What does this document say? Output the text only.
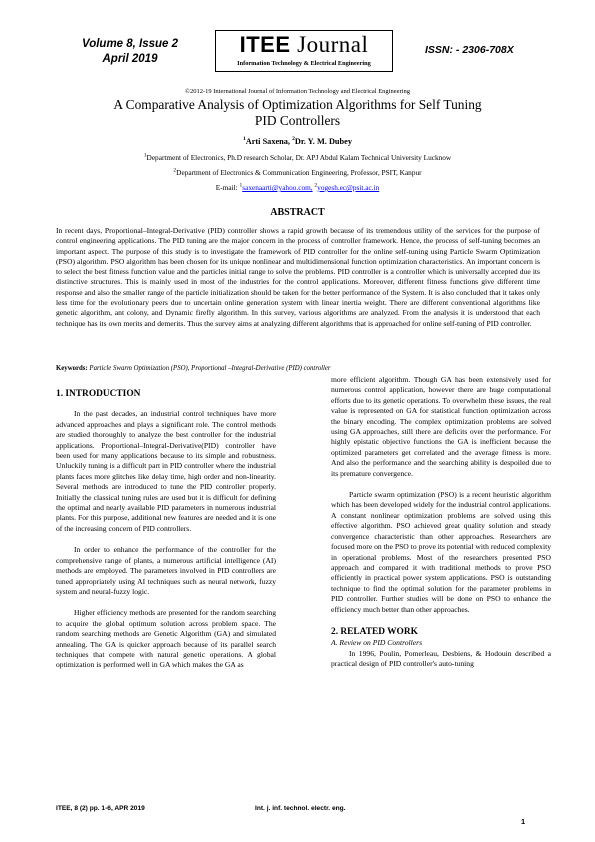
Volume 8, Issue 2
April 2019
ITEE Journal
Information Technology & Electrical Engineering
ISSN: - 2306-708X
©2012-19 International Journal of Information Technology and Electrical Engineering
A Comparative Analysis of Optimization Algorithms for Self Tuning
PID Controllers
$^1$Arti Saxena, $^2$Dr. Y. M. Dubey
$^1$Department of Electronics, Ph.D research Scholar, Dr. APJ Abdul Kalam Technical University Lucknow
$^2$Department of Electronics & Communication Engineering, Professor, PSIT, Kanpur
E-mail: $^1$saxenaarti@yahoo.com, $^2$yogesh.ec@psit.ac.in
ABSTRACT

In recent days, Proportional–Integral-Derivative (PID) controller shows a rapid growth because of its tremendous utility of the services for the purpose of control engineering applications. The PID tuning are the major concern in the process of controller framework. Hence, the process of self-tuning becomes an important aspect. The purpose of this study is to investigate the framework of PID controller for the online self-tuning using Particle Swarm Optimization (PSO) algorithm. PSO algorithm has been chosen for its unique nonlinear and multidimensional function optimization characteristics. An important concern is to select the best fitness function value and the particles initial range to solve the problems. PID controller is a controller which is universally accepted due its distinctive structures. This is mainly used in most of the industries for the control applications. Moreover, different fitness functions give different time response and also the smaller range of the particle initialization should be taken for the better performance of the System. It is also concluded that it takes only less time for the evolutionary peers due to uncertain online generation system with linear inertia weight. There are different conventional algorithms like genetic algorithm, ant colony, and Dynamic firefly algorithm. In this survey, various algorithms are analyzed. From the analysis it is understood that each technique has its own merits and demerits. Thus the survey aims at analyzing different algorithms that is approached for online self-tuning of PID controller.

Keywords: Particle Swarm Optimization (PSO), Proportional –Integral-Derivative (PID) controller
1. INTRODUCTION

In the past decades, an industrial control techniques have more advanced approaches and plays a significant role. The control methods are studied thoroughly to analyze the best controller for the industrial applications. Proportional–Integral-Derivative(PID) controller have been used for many applications because to its simple and robustness. Unluckily tuning is a difficult part in PID controller where the industrial plants faces more glitches like delay time, high order and non-linearity. Several methods are introduced to tune the PID controller properly. Initially the classical tuning rules are used but it is difficult for defining the optimal and nearly available PID parameters in numerous industrial plants. For this purpose, additional new features are needed and it is one of the increasing concern of PID controllers.

In order to enhance the performance of the controller for the comprehensive range of plants, a numerous artificial intelligence (AI) methods are employed. The parameters involved in PID controllers are tuned appropriately using AI techniques such as neural network, fuzzy system and neural-fuzzy logic.

Higher efficiency methods are presented for the random searching to acquire the global optimum solution across problem space. The random searching methods are Genetic Algorithm (GA) and simulated annealing. The GA is quicker approach because of its parallel search techniques that compete with natural genetic operations. A global optimization is performed well in GA which makes the GA as

more efficient algorithm. Though GA has been extensively used for numerous control application, however there are huge computational efforts due to its genetic operations. To overwhelm these issues, the real value is represented on GA for statistical function optimization across the binary encoding. The complex optimization problems are solved using GA approaches, still there are deficits over the performance. For highly epistatic objective functions the GA is inefficient because the optimized parameters get correlated and the average fitness is more. And also the performance and the searching ability is despoiled due to its premature convergence.

Particle swarm optimization (PSO) is a recent heuristic algorithm which has been developed widely for the industrial control applications. A constant nonlinear optimization problems are solved using this effective algorithm. PSO achieved great quality solution and steady convergence characteristic than other approaches. Researchers are focused more on the PSO to prove its potential with reduced complexity in operational problems. Most of the researchers presented PSO approach and compared it with traditional methods to prove PSO efficiently in practical power system applications. PSO is outstanding technique to find the optimal solution for the parameter problems in PID controller. Further studies will be done on PSO to enhance the efficiency much better than other approaches.

2. RELATED WORK
A. Review on PID Controllers

In 1996, Poulin, Pomerleau, Desbiens, & Hodouin described a practical design of PID controller's auto-tuning

ITEE, 8 (2) pp. 1-6, APR 2019	Int. j. inf. technol. electr. eng.
1
